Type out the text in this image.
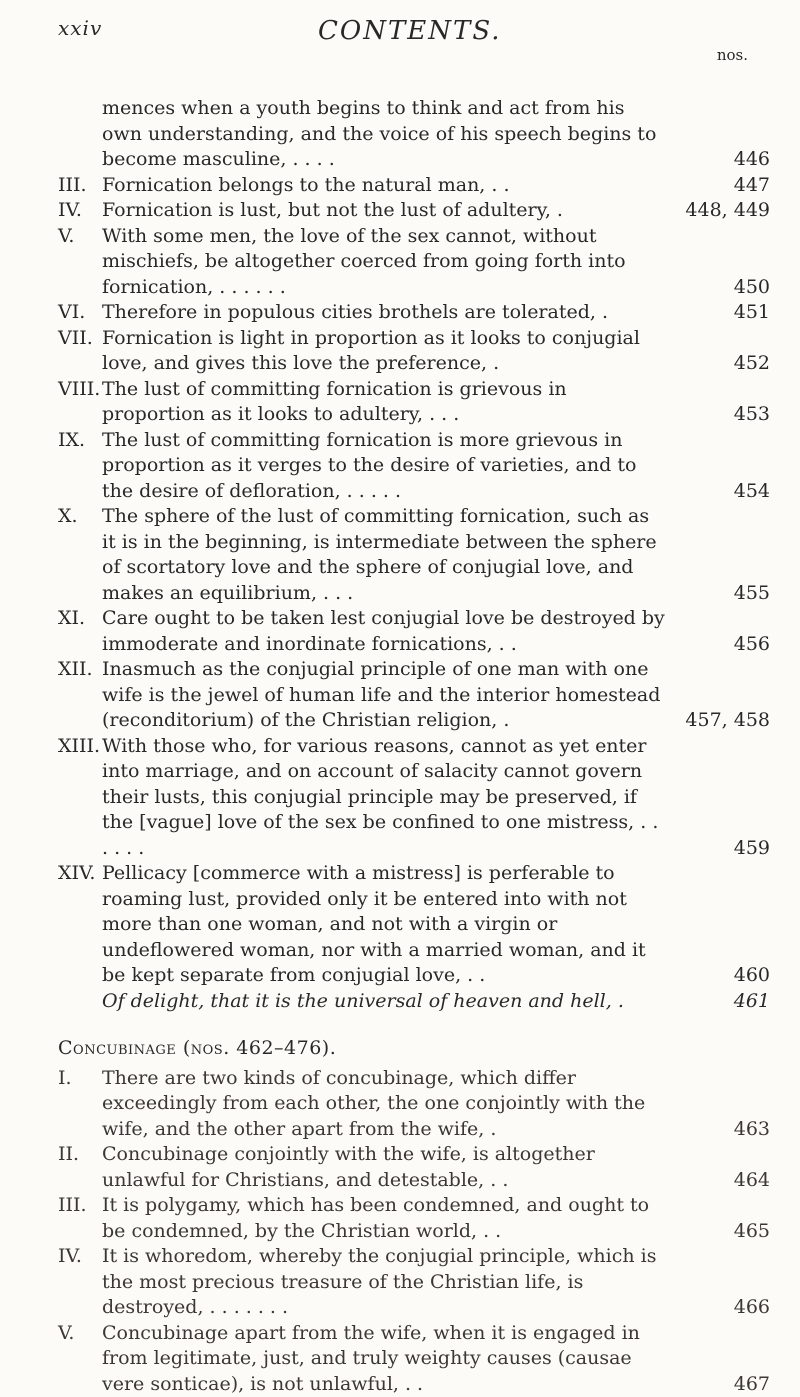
xxiv	CONTENTS.
nos.
mences when a youth begins to think and act from his own understanding, and the voice of his speech begins to become masculine, . . . .	446
III. Fornication belongs to the natural man, . .	447
IV.	Fornication is lust, but not the lust of adultery, .	448, 449
V.	With some men, the love of the sex cannot, without mischiefs, be altogether coerced from going forth into fornication, . . . . . .	450
VI. Therefore in populous cities brothels are tolerated, .	451
VII. Fornication is light in proportion as it looks to conjugial love, and gives this love the preference, .	452
VIII. The lust of committing fornication is grievous in proportion as it looks to adultery, . . .	453
IX. The lust of committing fornication is more grievous in proportion as it verges to the desire of varieties, and to the desire of defloration, . . . . .	454
X.	The sphere of the lust of committing fornication, such as it is in the beginning, is intermediate between the sphere of scortatory love and the sphere of conjugial love, and makes an equilibrium, . . .	455
XI. Care ought to be taken lest conjugial love be destroyed by immoderate and inordinate fornications, . .	456
XII. Inasmuch as the conjugial principle of one man with one wife is the jewel of human life and the interior homestead (reconditorium) of the Christian religion, .	457, 458
XIII. With those who, for various reasons, cannot as yet enter into marriage, and on account of salacity cannot govern their lusts, this conjugial principle may be preserved, if the [vague] love of the sex be confined to one mistress, . . . . . .	459
XIV. Pellicacy [commerce with a mistress] is perferable to roaming lust, provided only it be entered into with not more than one woman, and not with a virgin or undeflowered woman, nor with a married woman, and it be kept separate from conjugial love, . .	460
Of delight, that it is the universal of heaven and hell, .	461
Concubinage (nos. 462–476).
I.	There are two kinds of concubinage, which differ exceedingly from each other, the one conjointly with the wife, and the other apart from the wife, .	463
II.	Concubinage conjointly with the wife, is altogether unlawful for Christians, and detestable, . .	464
III. It is polygamy, which has been condemned, and ought to be condemned, by the Christian world, . .	465
IV.	It is whoredom, whereby the conjugial principle, which is the most precious treasure of the Christian life, is destroyed, . . . . . . .	466
V.	Concubinage apart from the wife, when it is engaged in from legitimate, just, and truly weighty causes (causae vere sonticae), is not unlawful, . .	467
